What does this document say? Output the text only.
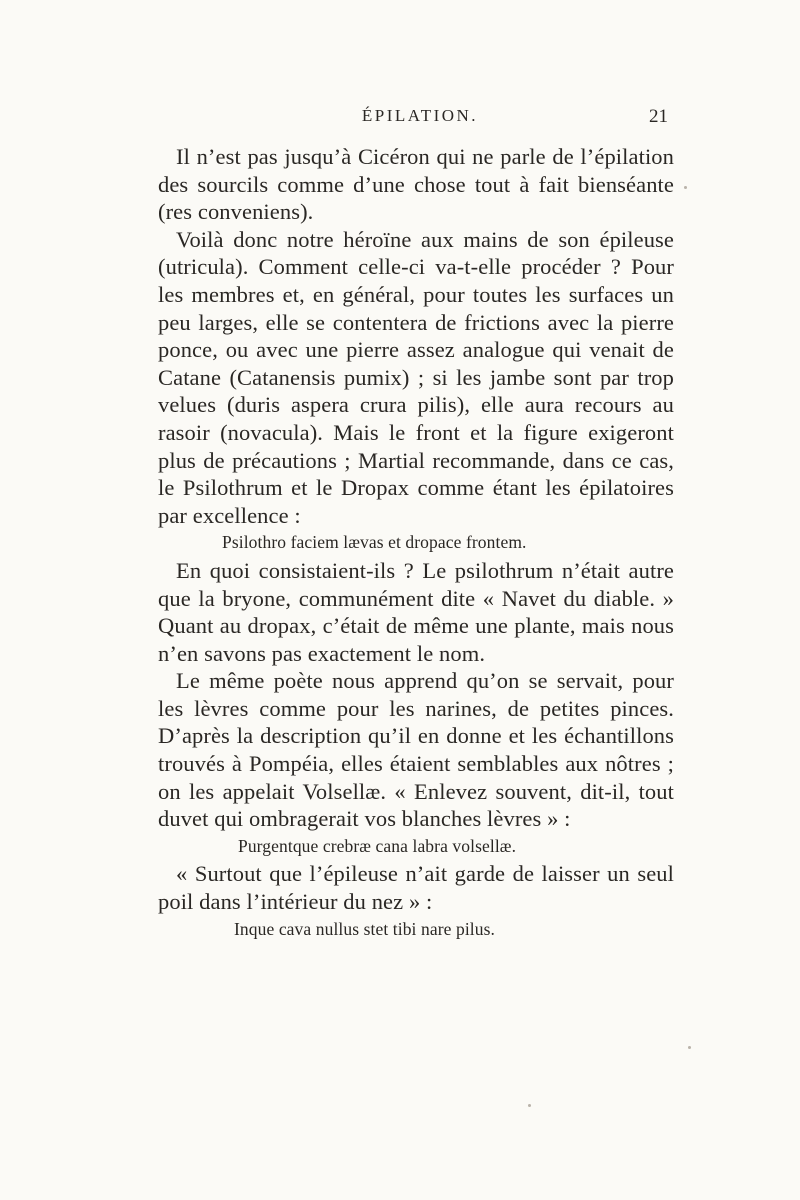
ÉPILATION.	21

Il n’est pas jusqu’à Cicéron qui ne parle de l’épilation des sourcils comme d’une chose tout à fait bienséante (res conveniens).

Voilà donc notre héroïne aux mains de son épileuse (utricula). Comment celle-ci va-t-elle procéder ? Pour les membres et, en général, pour toutes les surfaces un peu larges, elle se contentera de frictions avec la pierre ponce, ou avec une pierre assez analogue qui venait de Catane (Catanensis pumix) ; si les jambe sont par trop velues (duris aspera crura pilis), elle aura recours au rasoir (novacula). Mais le front et la figure exigeront plus de précautions ; Martial recommande, dans ce cas, le Psilothrum et le Dropax comme étant les épilatoires par excellence :

Psilothro faciem lævas et dropace frontem.

En quoi consistaient-ils ? Le psilothrum n’était autre que la bryone, communément dite « Navet du diable. » Quant au dropax, c’était de même une plante, mais nous n’en savons pas exactement le nom.

Le même poète nous apprend qu’on se servait, pour les lèvres comme pour les narines, de petites pinces. D’après la description qu’il en donne et les échantillons trouvés à Pompéia, elles étaient semblables aux nôtres ; on les appelait Volsellæ. « Enlevez souvent, dit-il, tout duvet qui ombragerait vos blanches lèvres » :

Purgentque crebræ cana labra volsellæ.

« Surtout que l’épileuse n’ait garde de laisser un seul poil dans l’intérieur du nez » :

Inque cava nullus stet tibi nare pilus.
